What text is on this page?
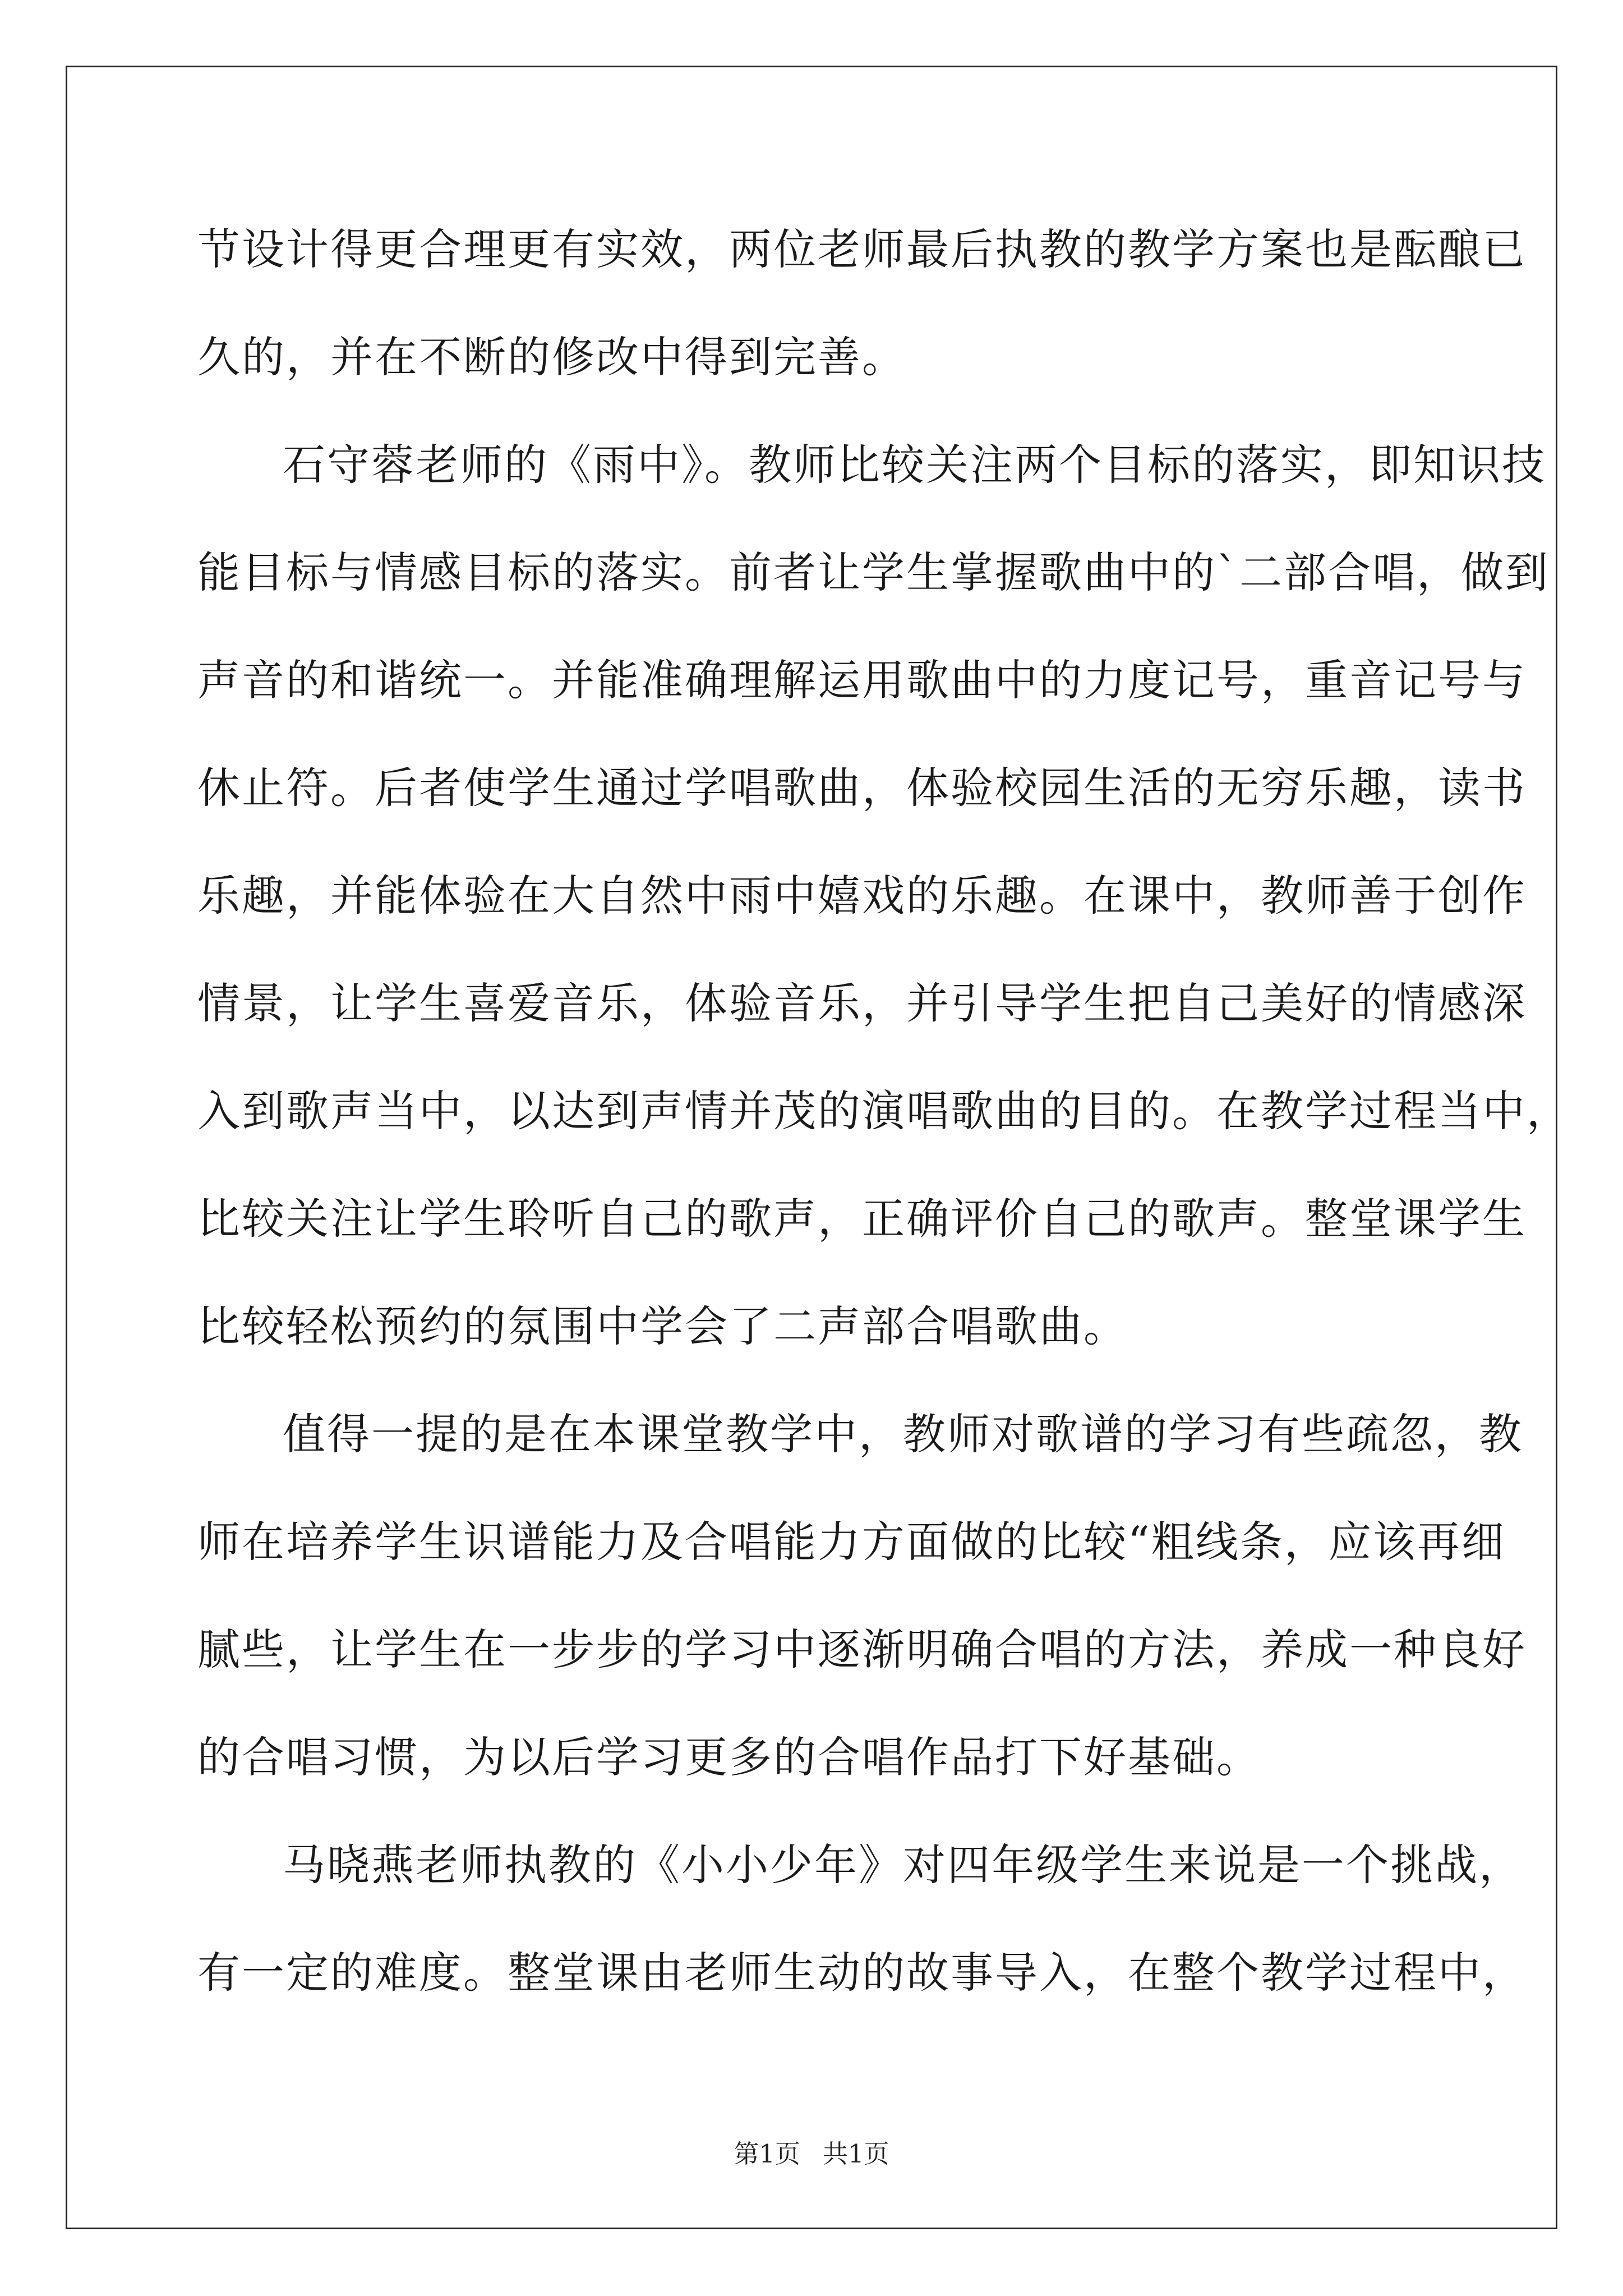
节设计得更合理更有实效，两位老师最后执教的教学方案也是酝酿已
久的，并在不断的修改中得到完善。
石守蓉老师的《雨中》。教师比较关注两个目标的落实，即知识技
能目标与情感目标的落实。前者让学生掌握歌曲中的`二部合唱，做到
声音的和谐统一。并能准确理解运用歌曲中的力度记号，重音记号与
休止符。后者使学生通过学唱歌曲，体验校园生活的无穷乐趣，读书
乐趣，并能体验在大自然中雨中嬉戏的乐趣。在课中，教师善于创作
情景，让学生喜爱音乐，体验音乐，并引导学生把自己美好的情感深
入到歌声当中，以达到声情并茂的演唱歌曲的目的。在教学过程当中，
比较关注让学生聆听自己的歌声，正确评价自己的歌声。整堂课学生
比较轻松预约的氛围中学会了二声部合唱歌曲。
值得一提的是在本课堂教学中，教师对歌谱的学习有些疏忽，教
师在培养学生识谱能力及合唱能力方面做的比较“粗线条，应该再细
腻些，让学生在一步步的学习中逐渐明确合唱的方法，养成一种良好
的合唱习惯，为以后学习更多的合唱作品打下好基础。
马晓燕老师执教的《小小少年》对四年级学生来说是一个挑战，
有一定的难度。整堂课由老师生动的故事导入，在整个教学过程中，
第1页 共1页
